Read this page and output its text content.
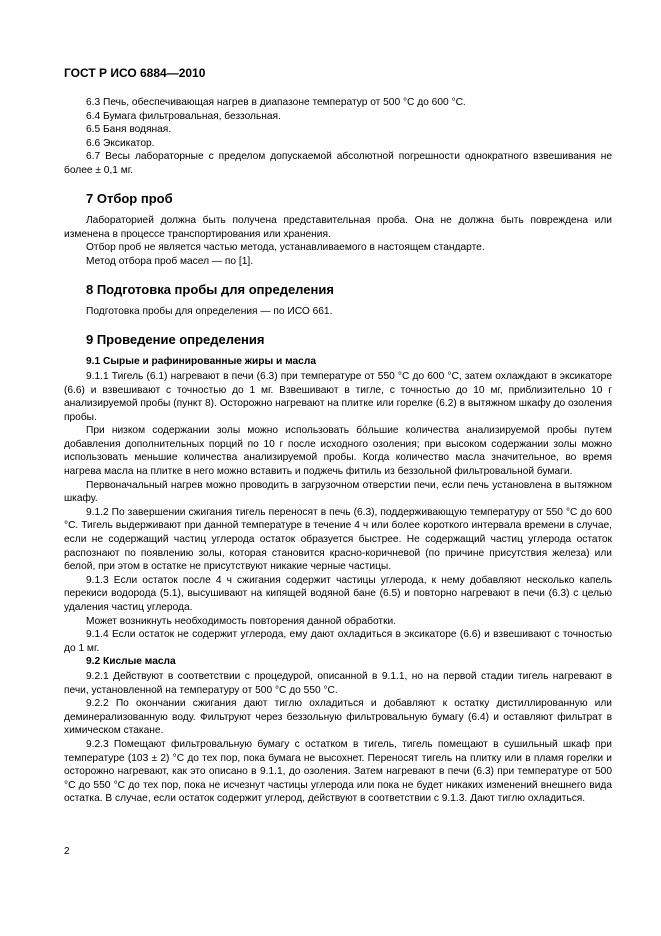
ГОСТ Р ИСО 6884—2010

6.3 Печь, обеспечивающая нагрев в диапазоне температур от 500 °С до 600 °С.

6.4 Бумага фильтровальная, беззольная.

6.5 Баня водяная.

6.6 Эксикатор.

6.7 Весы лабораторные с пределом допускаемой абсолютной погрешности однократного взвешивания не более ± 0,1 мг.

7 Отбор проб

Лабораторией должна быть получена представительная проба. Она не должна быть повреждена или изменена в процессе транспортирования или хранения.

Отбор проб не является частью метода, устанавливаемого в настоящем стандарте.

Метод отбора проб масел — по [1].

8 Подготовка пробы для определения

Подготовка пробы для определения — по ИСО 661.

9 Проведение определения
9.1 Сырые и рафинированные жиры и масла

9.1.1 Тигель (6.1) нагревают в печи (6.3) при температуре от 550 °С до 600 °С, затем охлаждают в эксикаторе (6.6) и взвешивают с точностью до 1 мг. Взвешивают в тигле, с точностью до 10 мг, приблизительно 10 г анализируемой пробы (пункт 8). Осторожно нагревают на плитке или горелке (6.2) в вытяжном шкафу до озоления пробы.

При низком содержании золы можно использовать бо́льшие количества анализируемой пробы путем добавления дополнительных порций по 10 г после исходного озоления; при высоком содержании золы можно использовать меньшие количества анализируемой пробы. Когда количество масла значительное, во время нагрева масла на плитке в него можно вставить и поджечь фитиль из беззольной фильтровальной бумаги.

Первоначальный нагрев можно проводить в загрузочном отверстии печи, если печь установлена в вытяжном шкафу.

9.1.2 По завершении сжигания тигель переносят в печь (6.3), поддерживающую температуру от 550 °С до 600 °С. Тигель выдерживают при данной температуре в течение 4 ч или более короткого интервала времени в случае, если не содержащий частиц углерода остаток образуется быстрее. Не содержащий частиц углерода остаток распознают по появлению золы, которая становится красно-коричневой (по причине присутствия железа) или белой, при этом в остатке не присутствуют никакие черные частицы.

9.1.3 Если остаток после 4 ч сжигания содержит частицы углерода, к нему добавляют несколько капель перекиси водорода (5.1), высушивают на кипящей водяной бане (6.5) и повторно нагревают в печи (6.3) с целью удаления частиц углерода.

Может возникнуть необходимость повторения данной обработки.

9.1.4 Если остаток не содержит углерода, ему дают охладиться в эксикаторе (6.6) и взвешивают с точностью до 1 мг.

9.2 Кислые масла

9.2.1 Действуют в соответствии с процедурой, описанной в 9.1.1, но на первой стадии тигель нагревают в печи, установленной на температуру от 500 °С до 550 °С.

9.2.2 По окончании сжигания дают тиглю охладиться и добавляют к остатку дистиллированную или деминерализованную воду. Фильтруют через беззольную фильтровальную бумагу (6.4) и оставляют фильтрат в химическом стакане.

9.2.3 Помещают фильтровальную бумагу с остатком в тигель, тигель помещают в сушильный шкаф при температуре (103 ± 2) °С до тех пор, пока бумага не высохнет. Переносят тигель на плитку или в пламя горелки и осторожно нагревают, как это описано в 9.1.1, до озоления. Затем нагревают в печи (6.3) при температуре от 500 °С до 550 °С до тех пор, пока не исчезнут частицы углерода или пока не будет никаких изменений внешнего вида остатка. В случае, если остаток содержит углерод, действуют в соответствии с 9.1.3. Дают тиглю охладиться.

2
